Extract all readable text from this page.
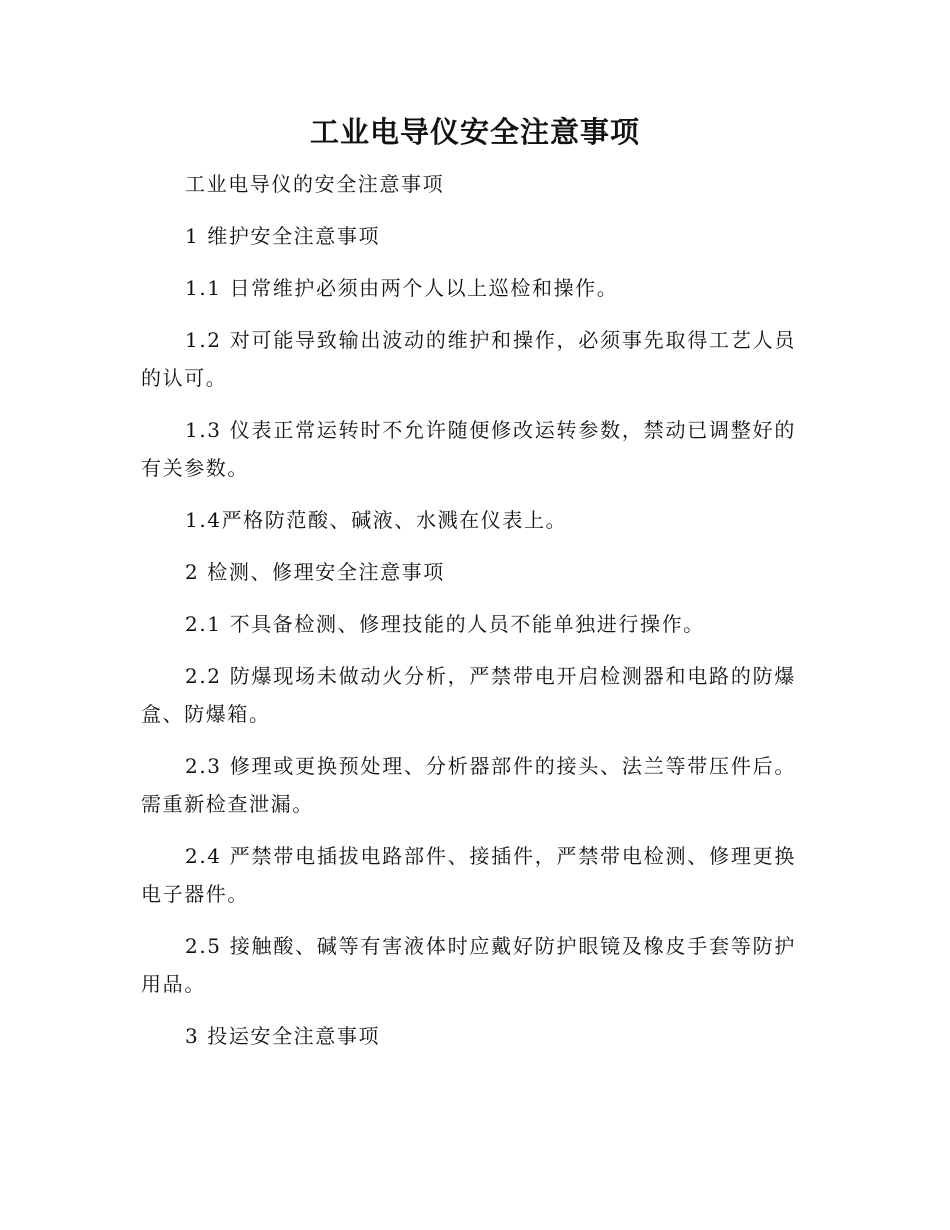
工业电导仪安全注意事项

工业电导仪的安全注意事项

1 维护安全注意事项

1.1 日常维护必须由两个人以上巡检和操作。

1.2 对可能导致输出波动的维护和操作，必须事先取得工艺人员的认可。

1.3 仪表正常运转时不允许随便修改运转参数，禁动已调整好的有关参数。

1.4严格防范酸、碱液、水溅在仪表上。

2 检测、修理安全注意事项

2.1 不具备检测、修理技能的人员不能单独进行操作。

2.2 防爆现场未做动火分析，严禁带电开启检测器和电路的防爆盒、防爆箱。

2.3 修理或更换预处理、分析器部件的接头、法兰等带压件后。需重新检查泄漏。

2.4 严禁带电插拔电路部件、接插件，严禁带电检测、修理更换电子器件。

2.5 接触酸、碱等有害液体时应戴好防护眼镜及橡皮手套等防护用品。

3 投运安全注意事项
